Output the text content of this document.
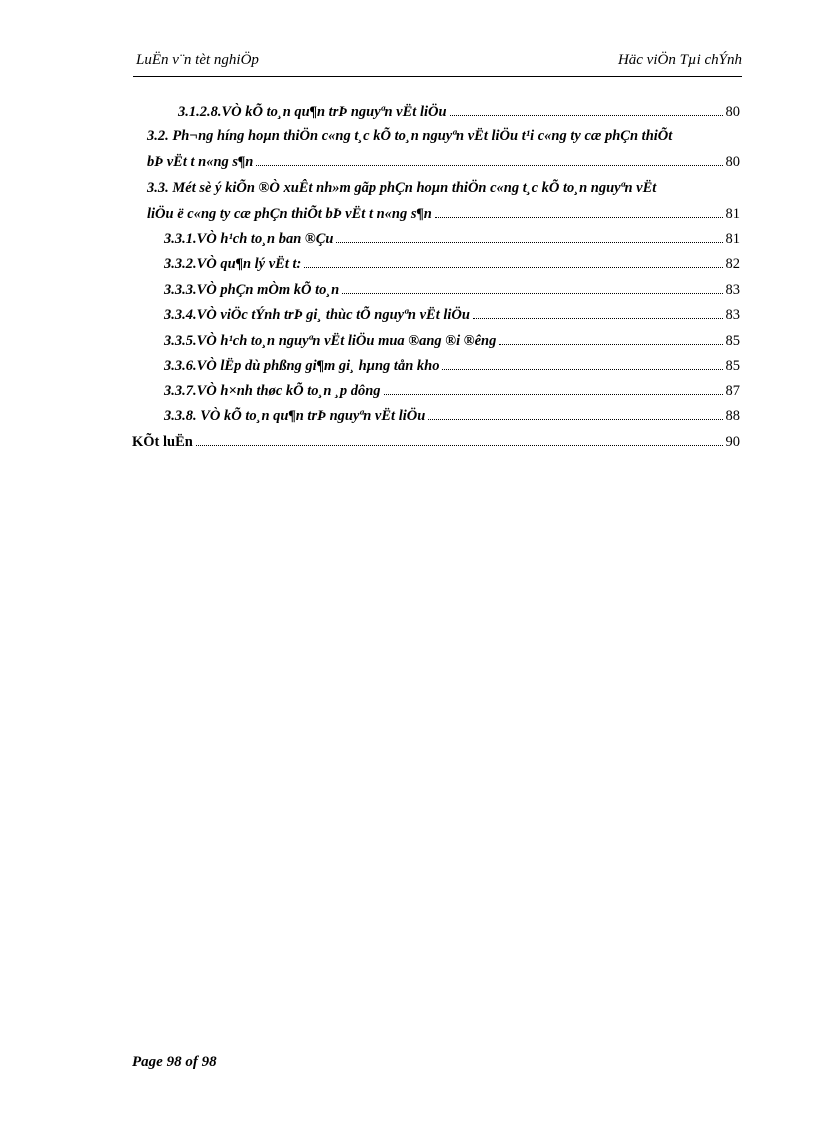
LuËn v¨n tèt nghiÖp	Häc viÖn Tµi chÝnh
3.1.2.8.VÒ kÕ to¸n qu¶n trÞ nguyªn vËt liÖu	80
3.2. Ph¬ng híng hoµn thiÖn c«ng t¸c kÕ to¸n nguyªn vËt liÖu t¹i c«ng ty cæ phÇn thiÕt
bÞ vËt t n«ng s¶n	80
3.3. Mét sè ý kiÕn ®Ò xuÊt nh»m gãp phÇn hoµn thiÖn c«ng t¸c kÕ to¸n nguyªn vËt
liÖu ë c«ng ty cæ phÇn thiÕt bÞ vËt t n«ng s¶n	81
3.3.1.VÒ h¹ch to¸n ban ®Çu	81
3.3.2.VÒ qu¶n lý vËt t:	82
3.3.3.VÒ phÇn mÒm kÕ to¸n	83
3.3.4.VÒ viÖc tÝnh trÞ gi¸ thùc tÕ nguyªn vËt liÖu	83
3.3.5.VÒ h¹ch to¸n nguyªn vËt liÖu mua ®ang ®i ®êng	85
3.3.6.VÒ lËp dù phßng gi¶m gi¸ hµng tån kho	85
3.3.7.VÒ h×nh thøc kÕ to¸n ¸p dông	87
3.3.8. VÒ kÕ to¸n qu¶n trÞ nguyªn vËt liÖu	88
KÕt luËn	90
Page 98 of 98
